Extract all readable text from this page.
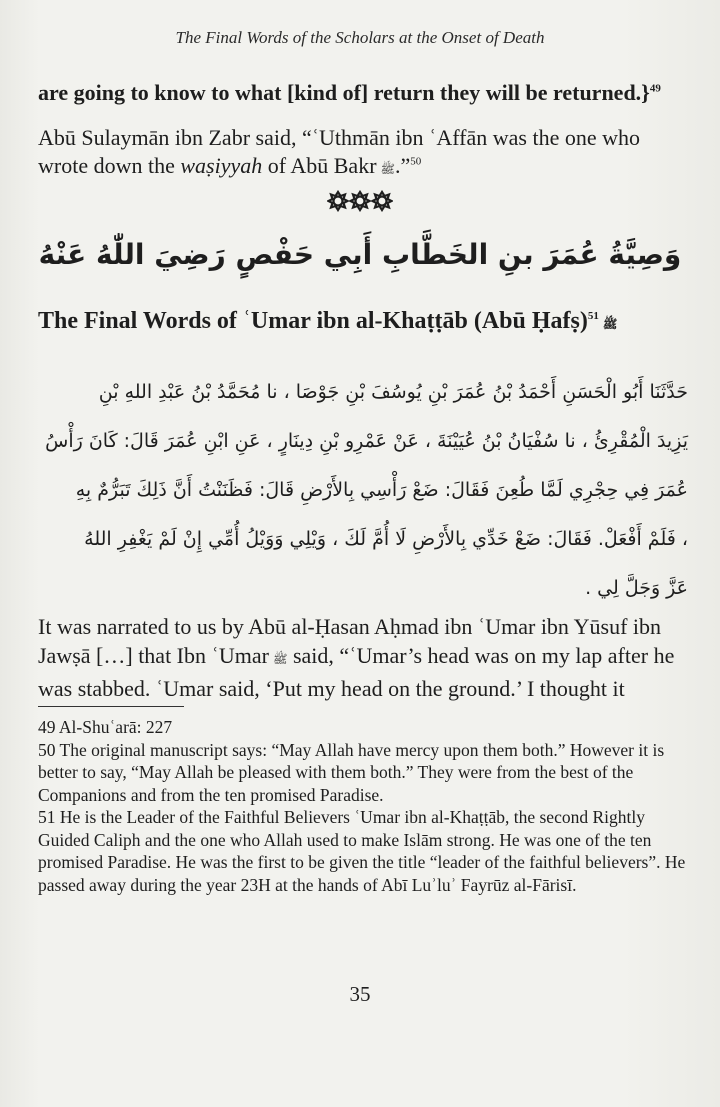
The Final Words of the Scholars at the Onset of Death
are going to know to what [kind of] return they will be returned.}$^{49}$
Abū Sulaymān ibn Zabr said, “ʿUthmān ibn ʿAffān was the one who wrote down the waṣiyyah of Abū Bakr ﷺ.”$^{50}$
وَصِيَّةُ عُمَرَ بنِ الخَطَّابِ أَبِي حَفْصٍ رَضِيَ اللّٰهُ عَنْهُ
The Final Words of ʿUmar ibn al-Khaṭṭāb (Abū Ḥafṣ)$^{51}$ﷺ
حَدَّثَنَا أَبُو الْحَسَنِ أَحْمَدُ بْنُ عُمَرَ بْنِ يُوسُفَ بْنِ جَوْصَا ، نا مُحَمَّدُ بْنُ عَبْدِ اللهِ بْنِ
يَزِيدَ الْمُقْرِئُ ، نا سُفْيَانُ بْنُ عُيَيْنَةَ ، عَنْ عَمْرِو بْنِ دِينَارٍ ، عَنِ ابْنِ عُمَرَ قَالَ: كَانَ رَأْسُ
عُمَرَ فِي حِجْرِي لَمَّا طُعِنَ فَقَالَ: ضَعْ رَأْسِي بِالأَرْضِ قَالَ: فَظَنَنْتُ أَنَّ ذَلِكَ تَبَرُّمٌ بِهِ
، فَلَمْ أَفْعَلْ. فَقَالَ: ضَعْ خَدِّي بِالأَرْضِ لَا أُمَّ لَكَ ، وَيْلِي وَوَيْلُ أُمِّي إِنْ لَمْ يَغْفِرِ اللهُ
عَزَّ وَجَلَّ لِي .
It was narrated to us by Abū al-Ḥasan Aḥmad ibn ʿUmar ibn Yūsuf ibn Jawṣā […] that Ibn ʿUmar ﷺ said, “ʿUmar’s head was on my lap after he was stabbed. ʿUmar said, ‘Put my head on the ground.’ I thought it

49 Al-Shuʿarā: 227

50 The original manuscript says: “May Allah have mercy upon them both.” However it is better to say, “May Allah be pleased with them both.” They were from the best of the Companions and from the ten promised Paradise.

51 He is the Leader of the Faithful Believers ʿUmar ibn al-Khaṭṭāb, the second Rightly Guided Caliph and the one who Allah used to make Islām strong. He was one of the ten promised Paradise. He was the first to be given the title “leader of the faithful believers”. He passed away during the year 23H at the hands of Abī Luʾluʾ Fayrūz al-Fārisī.

35
